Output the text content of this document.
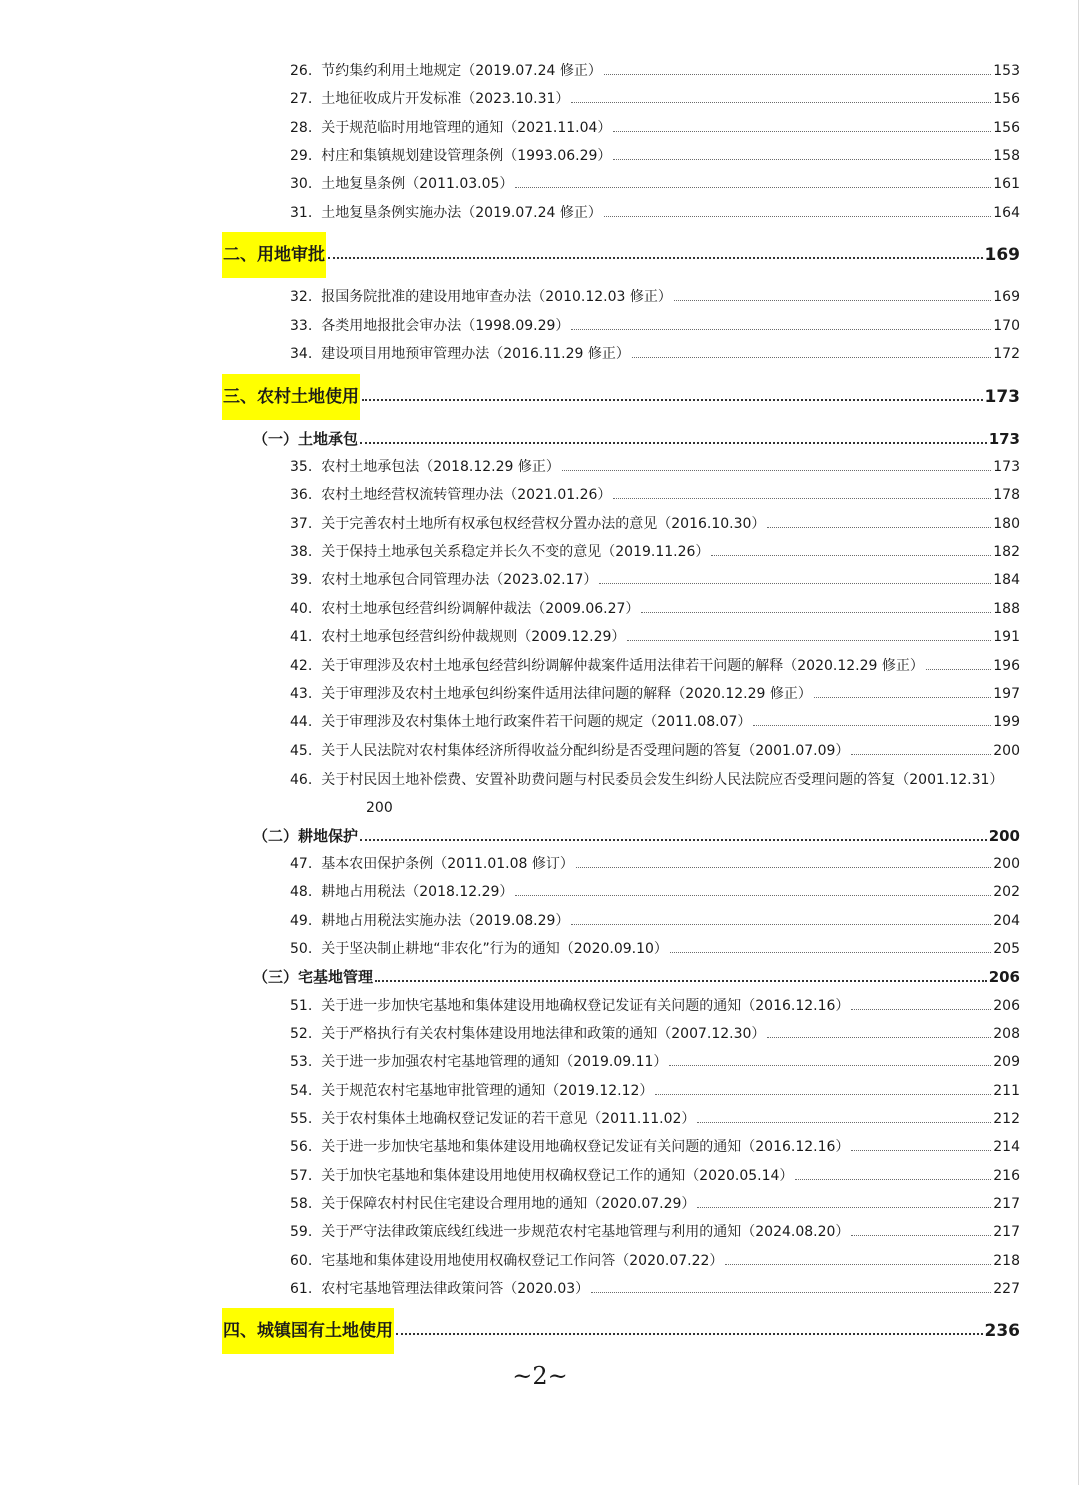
26. 节约集约利用土地规定（2019.07.24 修正）	153
27. 土地征收成片开发标准（2023.10.31）	156
28. 关于规范临时用地管理的通知（2021.11.04）	156
29. 村庄和集镇规划建设管理条例（1993.06.29）	158
30. 土地复垦条例（2011.03.05）	161
31. 土地复垦条例实施办法（2019.07.24 修正）	164
二、用地审批	169
32. 报国务院批准的建设用地审查办法（2010.12.03 修正）	169
33. 各类用地报批会审办法（1998.09.29）	170
34. 建设项目用地预审管理办法（2016.11.29 修正）	172
三、农村土地使用	173
（一）土地承包	173
35. 农村土地承包法（2018.12.29 修正）	173
36. 农村土地经营权流转管理办法（2021.01.26）	178
37. 关于完善农村土地所有权承包权经营权分置办法的意见（2016.10.30）	180
38. 关于保持土地承包关系稳定并长久不变的意见（2019.11.26）	182
39. 农村土地承包合同管理办法（2023.02.17）	184
40. 农村土地承包经营纠纷调解仲裁法（2009.06.27）	188
41. 农村土地承包经营纠纷仲裁规则（2009.12.29）	191
42. 关于审理涉及农村土地承包经营纠纷调解仲裁案件适用法律若干问题的解释（2020.12.29 修正）	196
43. 关于审理涉及农村土地承包纠纷案件适用法律问题的解释（2020.12.29 修正）	197
44. 关于审理涉及农村集体土地行政案件若干问题的规定（2011.08.07）	199
45. 关于人民法院对农村集体经济所得收益分配纠纷是否受理问题的答复（2001.07.09）	200
46. 关于村民因土地补偿费、安置补助费问题与村民委员会发生纠纷人民法院应否受理问题的答复（2001.12.31）
200
（二）耕地保护	200
47. 基本农田保护条例（2011.01.08 修订）	200
48. 耕地占用税法（2018.12.29）	202
49. 耕地占用税法实施办法（2019.08.29）	204
50. 关于坚决制止耕地“非农化”行为的通知（2020.09.10）	205
（三）宅基地管理	206
51. 关于进一步加快宅基地和集体建设用地确权登记发证有关问题的通知（2016.12.16）	206
52. 关于严格执行有关农村集体建设用地法律和政策的通知（2007.12.30）	208
53. 关于进一步加强农村宅基地管理的通知（2019.09.11）	209
54. 关于规范农村宅基地审批管理的通知（2019.12.12）	211
55. 关于农村集体土地确权登记发证的若干意见（2011.11.02）	212
56. 关于进一步加快宅基地和集体建设用地确权登记发证有关问题的通知（2016.12.16）	214
57. 关于加快宅基地和集体建设用地使用权确权登记工作的通知（2020.05.14）	216
58. 关于保障农村村民住宅建设合理用地的通知（2020.07.29）	217
59. 关于严守法律政策底线红线进一步规范农村宅基地管理与利用的通知（2024.08.20）	217
60. 宅基地和集体建设用地使用权确权登记工作问答（2020.07.22）	218
61. 农村宅基地管理法律政策问答（2020.03）	227
四、城镇国有土地使用	236
~2~
